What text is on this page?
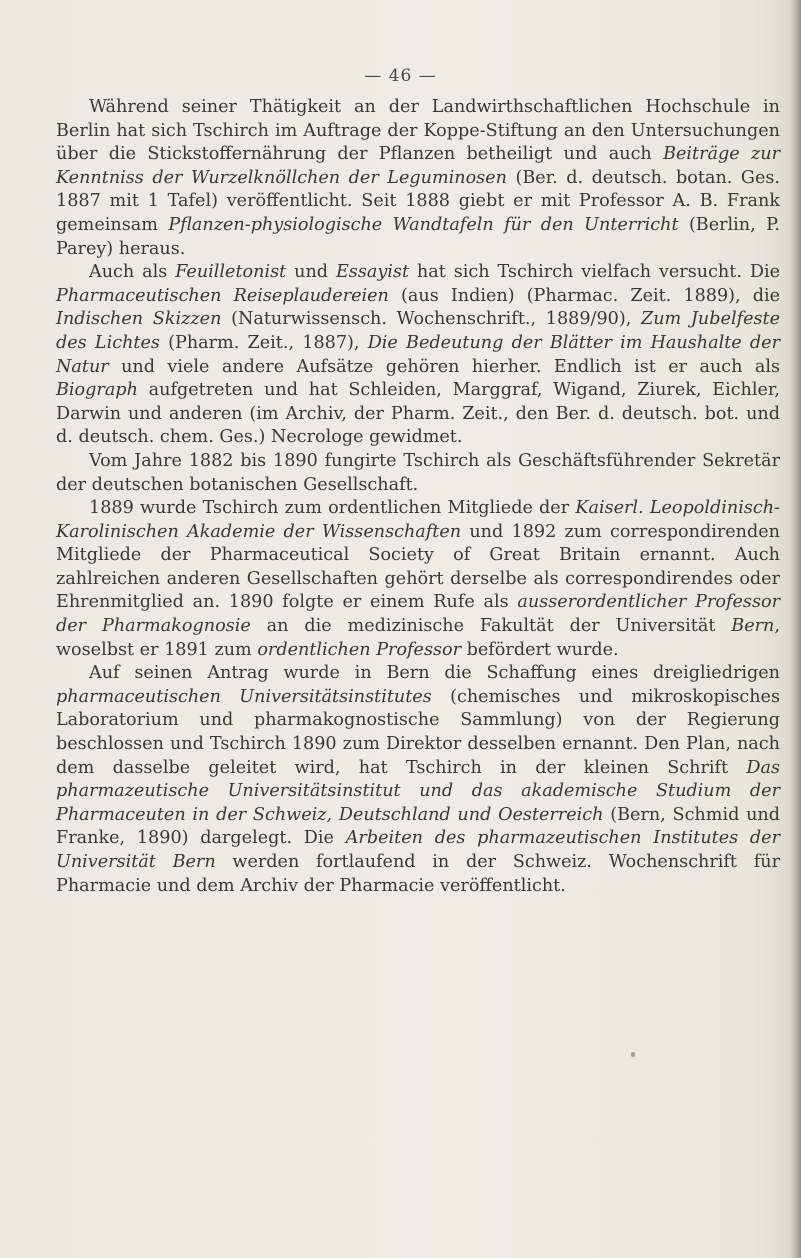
— 46 —

Während seiner Thätigkeit an der Landwirthschaftlichen Hochschule in Berlin hat sich Tschirch im Auftrage der Koppe-Stiftung an den Untersuchungen über die Stickstoffernährung der Pflanzen betheiligt und auch Beiträge zur Kenntniss der Wurzelknöllchen der Leguminosen (Ber. d. deutsch. botan. Ges. 1887 mit 1 Tafel) veröffentlicht. Seit 1888 giebt er mit Professor A. B. Frank gemeinsam Pflanzen-physiologische Wandtafeln für den Unterricht (Berlin, P. Parey) heraus.

Auch als Feuilletonist und Essayist hat sich Tschirch vielfach versucht. Die Pharmaceutischen Reiseplaudereien (aus Indien) (Pharmac. Zeit. 1889), die Indischen Skizzen (Naturwissensch. Wochenschrift., 1889/90), Zum Jubelfeste des Lichtes (Pharm. Zeit., 1887), Die Bedeutung der Blätter im Haushalte der Natur und viele andere Aufsätze gehören hierher. Endlich ist er auch als Biograph aufgetreten und hat Schleiden, Marggraf, Wigand, Ziurek, Eichler, Darwin und anderen (im Archiv, der Pharm. Zeit., den Ber. d. deutsch. bot. und d. deutsch. chem. Ges.) Necrologe gewidmet.

Vom Jahre 1882 bis 1890 fungirte Tschirch als Geschäftsführender Sekretär der deutschen botanischen Gesellschaft.

1889 wurde Tschirch zum ordentlichen Mitgliede der Kaiserl. Leopoldinisch-Karolinischen Akademie der Wissenschaften und 1892 zum correspondirenden Mitgliede der Pharmaceutical Society of Great Britain ernannt. Auch zahlreichen anderen Gesellschaften gehört derselbe als correspondirendes oder Ehrenmitglied an. 1890 folgte er einem Rufe als ausserordentlicher Professor der Pharmakognosie an die medizinische Fakultät der Universität Bern, woselbst er 1891 zum ordentlichen Professor befördert wurde.

Auf seinen Antrag wurde in Bern die Schaffung eines dreigliedrigen pharmaceutischen Universitätsinstitutes (chemisches und mikroskopisches Laboratorium und pharmakognostische Sammlung) von der Regierung beschlossen und Tschirch 1890 zum Direktor desselben ernannt. Den Plan, nach dem dasselbe geleitet wird, hat Tschirch in der kleinen Schrift Das pharmazeutische Universitätsinstitut und das akademische Studium der Pharmaceuten in der Schweiz, Deutschland und Oesterreich (Bern, Schmid und Franke, 1890) dargelegt. Die Arbeiten des pharmazeutischen Institutes der Universität Bern werden fortlaufend in der Schweiz. Wochenschrift für Pharmacie und dem Archiv der Pharmacie veröffentlicht.
